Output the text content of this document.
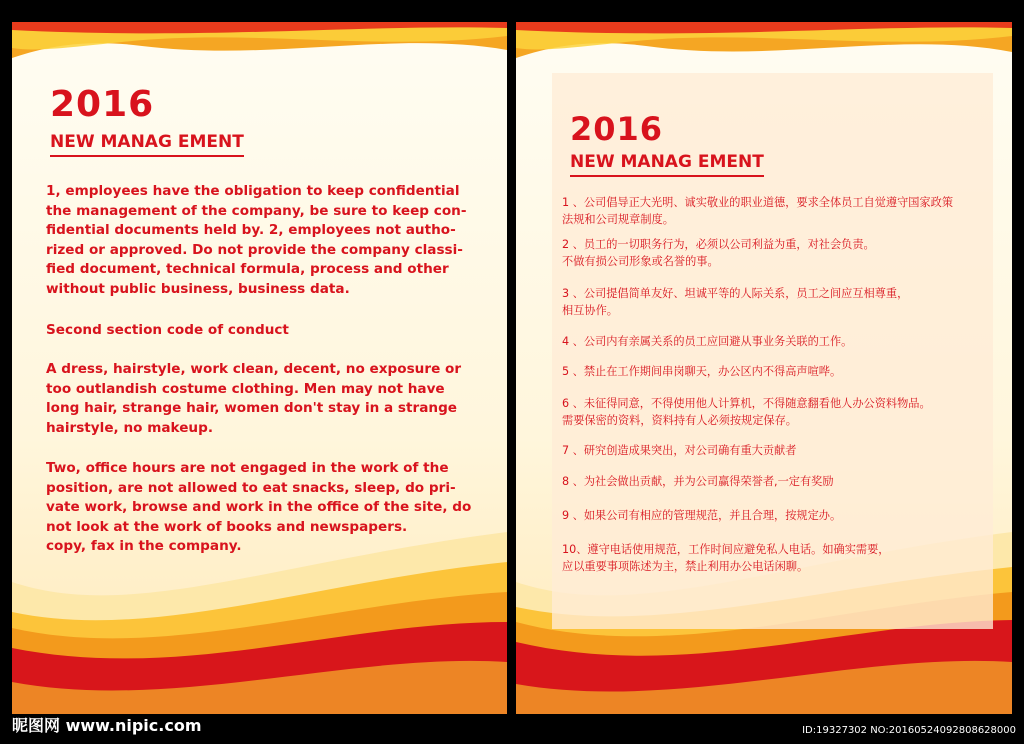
2016
NEW MANAG EMENT

1, employees have the obligation to keep confidential
the management of the company, be sure to keep con-
fidential documents held by. 2, employees not autho-
rized or approved. Do not provide the company classi-
fied document, technical formula, process and other
without public business, business data.

Second section code of conduct

A dress, hairstyle, work clean, decent, no exposure or
too outlandish costume clothing. Men may not have
long hair, strange hair, women don't stay in a strange
hairstyle, no makeup.

Two, office hours are not engaged in the work of the
position, are not allowed to eat snacks, sleep, do pri-
vate work, browse and work in the office of the site, do
not look at the work of books and newspapers.
copy, fax in the company.

2016
NEW MANAG EMENT

1 、公司倡导正大光明、诚实敬业的职业道德，要求全体员工自觉遵守国家政策
法规和公司规章制度。

2 、员工的一切职务行为，必须以公司利益为重，对社会负责。
不做有损公司形象或名誉的事。

3 、公司提倡简单友好、坦诚平等的人际关系，员工之间应互相尊重，
相互协作。

4 、公司内有亲属关系的员工应回避从事业务关联的工作。

5 、禁止在工作期间串岗聊天，办公区内不得高声喧哗。

6 、未征得同意，不得使用他人计算机，不得随意翻看他人办公资料物品。
需要保密的资料，资料持有人必须按规定保存。

7 、研究创造成果突出，对公司确有重大贡献者

8 、为社会做出贡献，并为公司赢得荣誉者,一定有奖励

9 、如果公司有相应的管理规范，并且合理，按规定办。

10、遵守电话使用规范，工作时间应避免私人电话。如确实需要，
应以重要事项陈述为主，禁止利用办公电话闲聊。

昵图网 www.nipic.com	ID:19327302 NO:20160524092808628000
